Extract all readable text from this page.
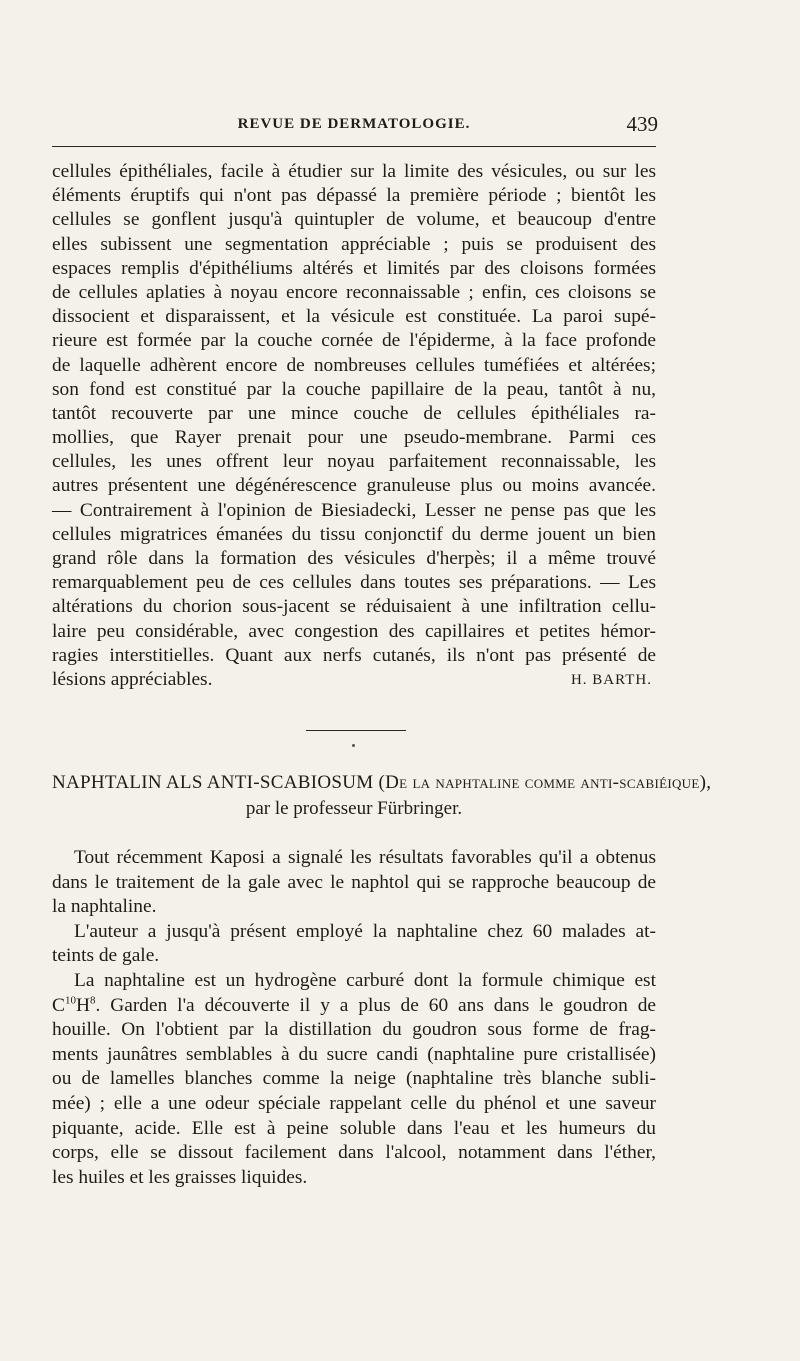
REVUE DE DERMATOLOGIE.	439
cellules épithéliales, facile à étudier sur la limite des vésicules, ou sur les
éléments éruptifs qui n'ont pas dépassé la première période ; bientôt les
cellules se gonflent jusqu'à quintupler de volume, et beaucoup d'entre
elles subissent une segmentation appréciable ; puis se produisent des
espaces remplis d'épithéliums altérés et limités par des cloisons formées
de cellules aplaties à noyau encore reconnaissable ; enfin, ces cloisons se
dissocient et disparaissent, et la vésicule est constituée. La paroi supé-
rieure est formée par la couche cornée de l'épiderme, à la face profonde
de laquelle adhèrent encore de nombreuses cellules tuméfiées et altérées;
son fond est constitué par la couche papillaire de la peau, tantôt à nu,
tantôt recouverte par une mince couche de cellules épithéliales ra-
mollies, que Rayer prenait pour une pseudo-membrane. Parmi ces
cellules, les unes offrent leur noyau parfaitement reconnaissable, les
autres présentent une dégénérescence granuleuse plus ou moins avancée.
— Contrairement à l'opinion de Biesiadecki, Lesser ne pense pas que les
cellules migratrices émanées du tissu conjonctif du derme jouent un bien
grand rôle dans la formation des vésicules d'herpès; il a même trouvé
remarquablement peu de ces cellules dans toutes ses préparations. — Les
altérations du chorion sous-jacent se réduisaient à une infiltration cellu-
laire peu considérable, avec congestion des capillaires et petites hémor-
ragies interstitielles. Quant aux nerfs cutanés, ils n'ont pas présenté de
lésions appréciables.	H. BARTH.
NAPHTALIN ALS ANTI-SCABIOSUM (De la naphtaline comme anti-scabiéique),
par le professeur Fürbringer.
Tout récemment Kaposi a signalé les résultats favorables qu'il a obtenus
dans le traitement de la gale avec le naphtol qui se rapproche beaucoup de
la naphtaline.
L'auteur a jusqu'à présent employé la naphtaline chez 60 malades at-
teints de gale.
La naphtaline est un hydrogène carburé dont la formule chimique est
$C^{10}H^8$. Garden l'a découverte il y a plus de 60 ans dans le goudron de
houille. On l'obtient par la distillation du goudron sous forme de frag-
ments jaunâtres semblables à du sucre candi (naphtaline pure cristallisée)
ou de lamelles blanches comme la neige (naphtaline très blanche subli-
mée) ; elle a une odeur spéciale rappelant celle du phénol et une saveur
piquante, acide. Elle est à peine soluble dans l'eau et les humeurs du
corps, elle se dissout facilement dans l'alcool, notamment dans l'éther,
les huiles et les graisses liquides.
